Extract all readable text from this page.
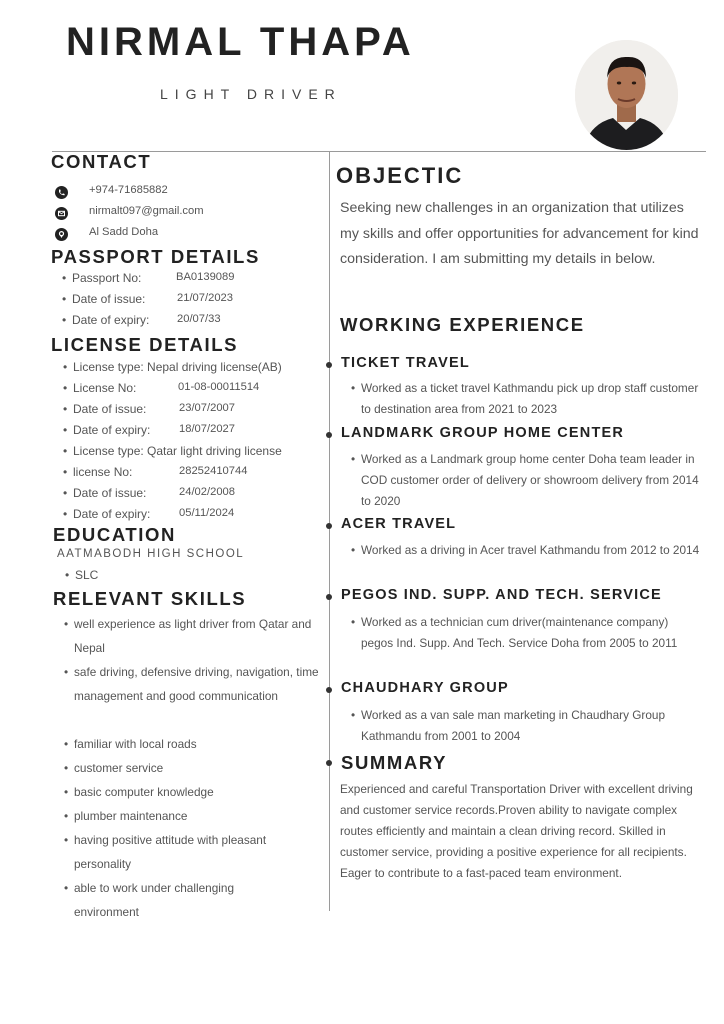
NIRMAL THAPA
LIGHT DRIVER
CONTACT
+974-71685882
nirmalt097@gmail.com
Al Sadd Doha
PASSPORT DETAILS
• Passport No:	BA0139089
• Date of issue:	21/07/2023
• Date of expiry: 20/07/33
LICENSE DETAILS
• License type: Nepal driving license(AB)
• License No:	01-08-00011514
• Date of issue:	23/07/2007
• Date of expiry:	18/07/2027
• License type: Qatar light driving license
• license No:	28252410744
• Date of issue:	24/02/2008
• Date of expiry:	05/11/2024
EDUCATION
AATMABODH HIGH SCHOOL
• SLC
RELEVANT SKILLS
• well experience as light driver from Qatar and Nepal
• safe driving, defensive driving, navigation, time management and good communication
• familiar with local roads
• customer service
• basic computer knowledge
• plumber maintenance
• having positive attitude with pleasant personality
• able to work under challenging environment
OBJECTIC
Seeking new challenges in an organization that utilizes my skills and offer opportunities for advancement for kind consideration. I am submitting my details in below.
WORKING EXPERIENCE
TICKET TRAVEL
• Worked as a ticket travel Kathmandu pick up drop staff customer to destination area from 2021 to 2023
LANDMARK GROUP HOME CENTER
• Worked as a Landmark group home center Doha team leader in COD customer order of delivery or showroom delivery from 2014 to 2020
ACER TRAVEL
• Worked as a driving in Acer travel Kathmandu from 2012 to 2014
PEGOS IND. SUPP. AND TECH. SERVICE
• Worked as a technician cum driver(maintenance company) pegos Ind. Supp. And Tech. Service Doha from 2005 to 2011
CHAUDHARY GROUP
• Worked as a van sale man marketing in Chaudhary Group Kathmandu from 2001 to 2004
SUMMARY
Experienced and careful Transportation Driver with excellent driving and customer service records.Proven ability to navigate complex routes efficiently and maintain a clean driving record. Skilled in customer service, providing a positive experience for all recipients. Eager to contribute to a fast-paced team environment.
